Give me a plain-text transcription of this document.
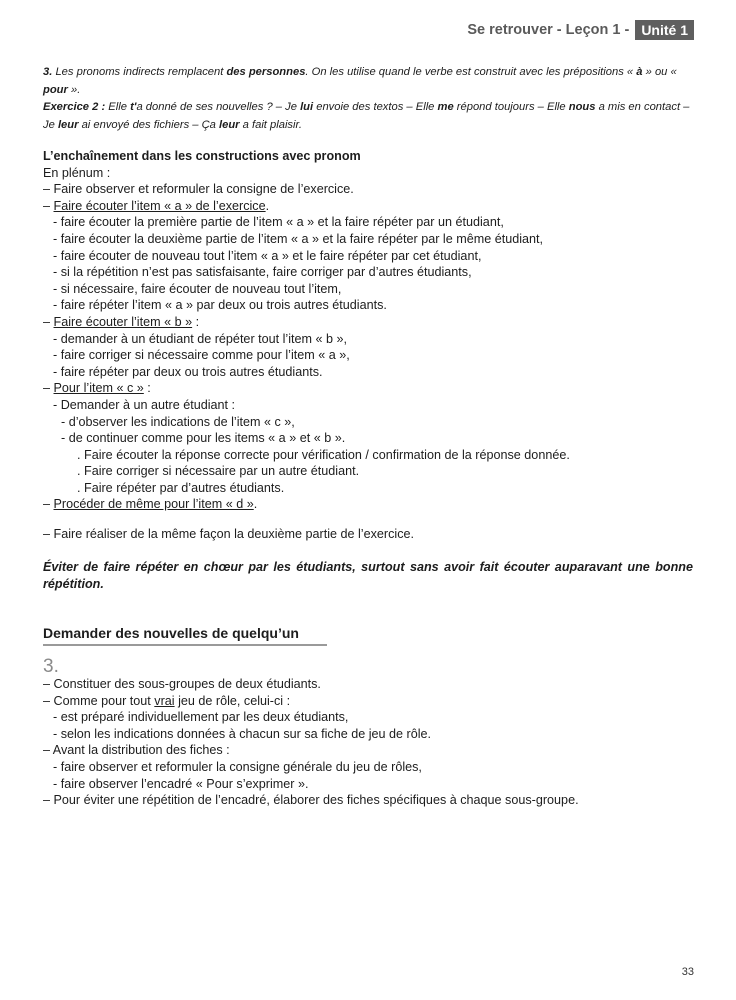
Se retrouver - Leçon 1 - Unité 1
3. Les pronoms indirects remplacent des personnes. On les utilise quand le verbe est construit avec les prépositions « à » ou « pour ».
Exercice 2 : Elle t'a donné de ses nouvelles ? – Je lui envoie des textos – Elle me répond toujours – Elle nous a mis en contact – Je leur ai envoyé des fichiers – Ça leur a fait plaisir.
L’enchaînement dans les constructions avec pronom
En plénum :
– Faire observer et reformuler la consigne de l’exercice.
– Faire écouter l’item « a » de l’exercice.
- faire écouter la première partie de l’item « a » et la faire répéter par un étudiant,
- faire écouter la deuxième partie de l’item « a » et la faire répéter par le même étudiant,
- faire écouter de nouveau tout l’item « a » et le faire répéter par cet étudiant,
- si la répétition n’est pas satisfaisante, faire corriger par d’autres étudiants,
- si nécessaire, faire écouter de nouveau tout l’item,
- faire répéter l’item « a » par deux ou trois autres étudiants.
– Faire écouter l’item « b » :
- demander à un étudiant de répéter tout l’item « b »,
- faire corriger si nécessaire comme pour l’item « a »,
- faire répéter par deux ou trois autres étudiants.
– Pour l’item « c » :
- Demander à un autre étudiant :
- d’observer les indications de l’item « c »,
- de continuer comme pour les items « a » et « b ».
. Faire écouter la réponse correcte pour vérification / confirmation de la réponse donnée.
. Faire corriger si nécessaire par un autre étudiant.
. Faire répéter par d’autres étudiants.
– Procéder de même pour l’item « d ».
– Faire réaliser de la même façon la deuxième partie de l’exercice.
Éviter de faire répéter en chœur par les étudiants, surtout sans avoir fait écouter auparavant une bonne répétition.
Demander des nouvelles de quelqu’un
3.
– Constituer des sous-groupes de deux étudiants.
– Comme pour tout vrai jeu de rôle, celui-ci :
- est préparé individuellement par les deux étudiants,
- selon les indications données à chacun sur sa fiche de jeu de rôle.
– Avant la distribution des fiches :
- faire observer et reformuler la consigne générale du jeu de rôles,
- faire observer l’encadré « Pour s’exprimer ».
– Pour éviter une répétition de l’encadré, élaborer des fiches spécifiques à chaque sous-groupe.
33
